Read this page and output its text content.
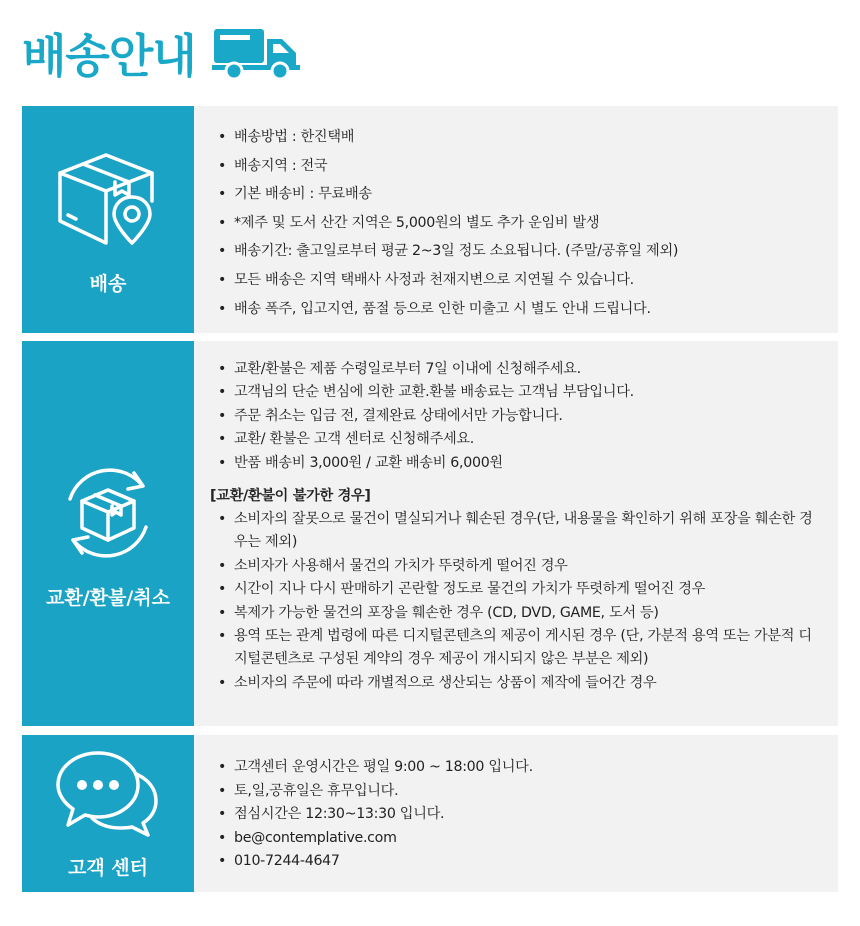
배송안내
배송
• 배송방법 : 한진택배
• 배송지역 : 전국
• 기본 배송비 : 무료배송
• *제주 및 도서 산간 지역은 5,000원의 별도 추가 운임비 발생
• 배송기간: 출고일로부터 평균 2~3일 정도 소요됩니다. (주말/공휴일 제외)
• 모든 배송은 지역 택배사 사정과 천재지변으로 지연될 수 있습니다.
• 배송 폭주, 입고지연, 품절 등으로 인한 미출고 시 별도 안내 드립니다.
교환/환불/취소
• 교환/환불은 제품 수령일로부터 7일 이내에 신청해주세요.
• 고객님의 단순 변심에 의한 교환.환불 배송료는 고객님 부담입니다.
• 주문 취소는 입금 전, 결제완료 상태에서만 가능합니다.
• 교환/ 환불은 고객 센터로 신청해주세요.
• 반품 배송비 3,000원 / 교환 배송비 6,000원
[교환/환불이 불가한 경우]
• 소비자의 잘못으로 물건이 멸실되거나 훼손된 경우(단, 내용물을 확인하기 위해 포장을 훼손한 경우는 제외)
• 소비자가 사용해서 물건의 가치가 뚜렷하게 떨어진 경우
• 시간이 지나 다시 판매하기 곤란할 정도로 물건의 가치가 뚜렷하게 떨어진 경우
• 복제가 가능한 물건의 포장을 훼손한 경우 (CD, DVD, GAME, 도서 등)
• 용역 또는 관계 법령에 따른 디지털콘텐츠의 제공이 게시된 경우 (단, 가분적 용역 또는 가분적 디지털콘텐츠로 구성된 계약의 경우 제공이 개시되지 않은 부분은 제외)
• 소비자의 주문에 따라 개별적으로 생산되는 상품이 제작에 들어간 경우
고객 센터
• 고객센터 운영시간은 평일 9:00 ~ 18:00 입니다.
• 토,일,공휴일은 휴무입니다.
• 점심시간은 12:30~13:30 입니다.
• be@contemplative.com
• 010-7244-4647
